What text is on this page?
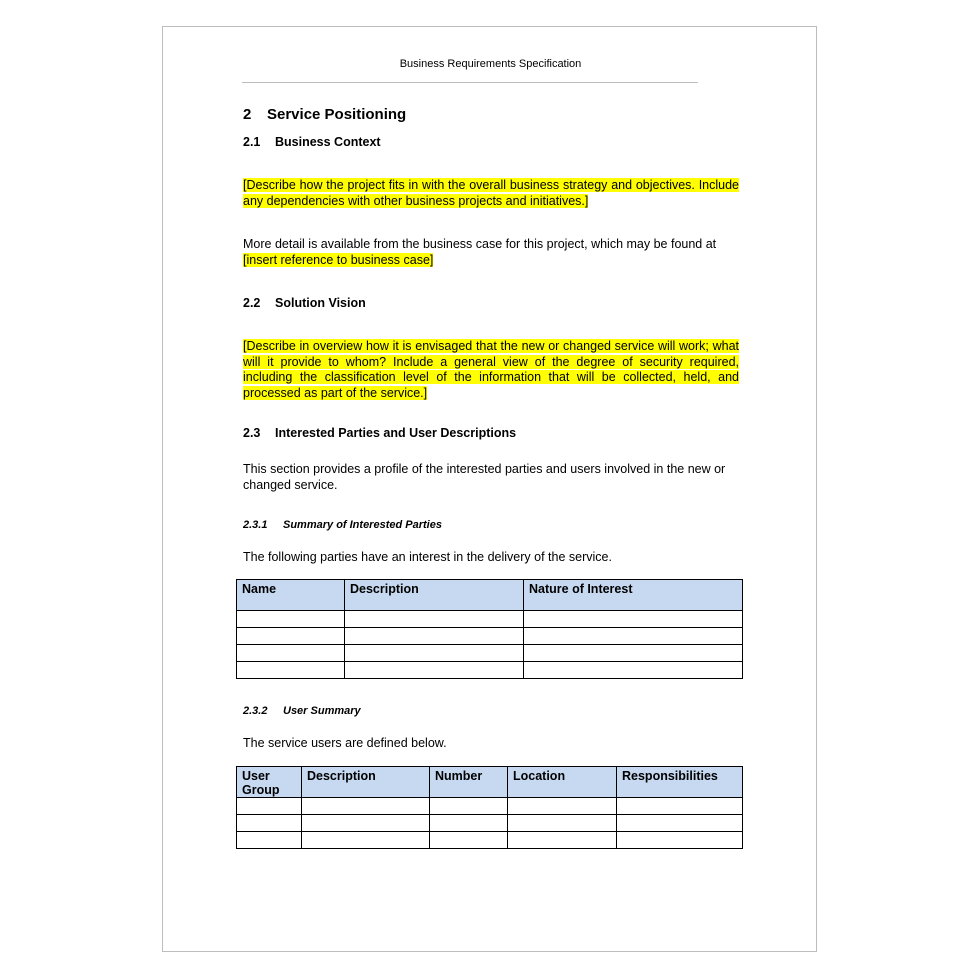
Business Requirements Specification
2 Service Positioning
2.1 Business Context
[Describe how the project fits in with the overall business strategy and objectives. Include any dependencies with other business projects and initiatives.]
More detail is available from the business case for this project, which may be found at [insert reference to business case]
2.2 Solution Vision
[Describe in overview how it is envisaged that the new or changed service will work; what will it provide to whom? Include a general view of the degree of security required, including the classification level of the information that will be collected, held, and processed as part of the service.]
2.3 Interested Parties and User Descriptions
This section provides a profile of the interested parties and users involved in the new or changed service.
2.3.1 Summary of Interested Parties
The following parties have an interest in the delivery of the service.
Name	Description	Nature of Interest

2.3.2 User Summary
The service users are defined below.
User Group	Description	Number	Location	Responsibilities
